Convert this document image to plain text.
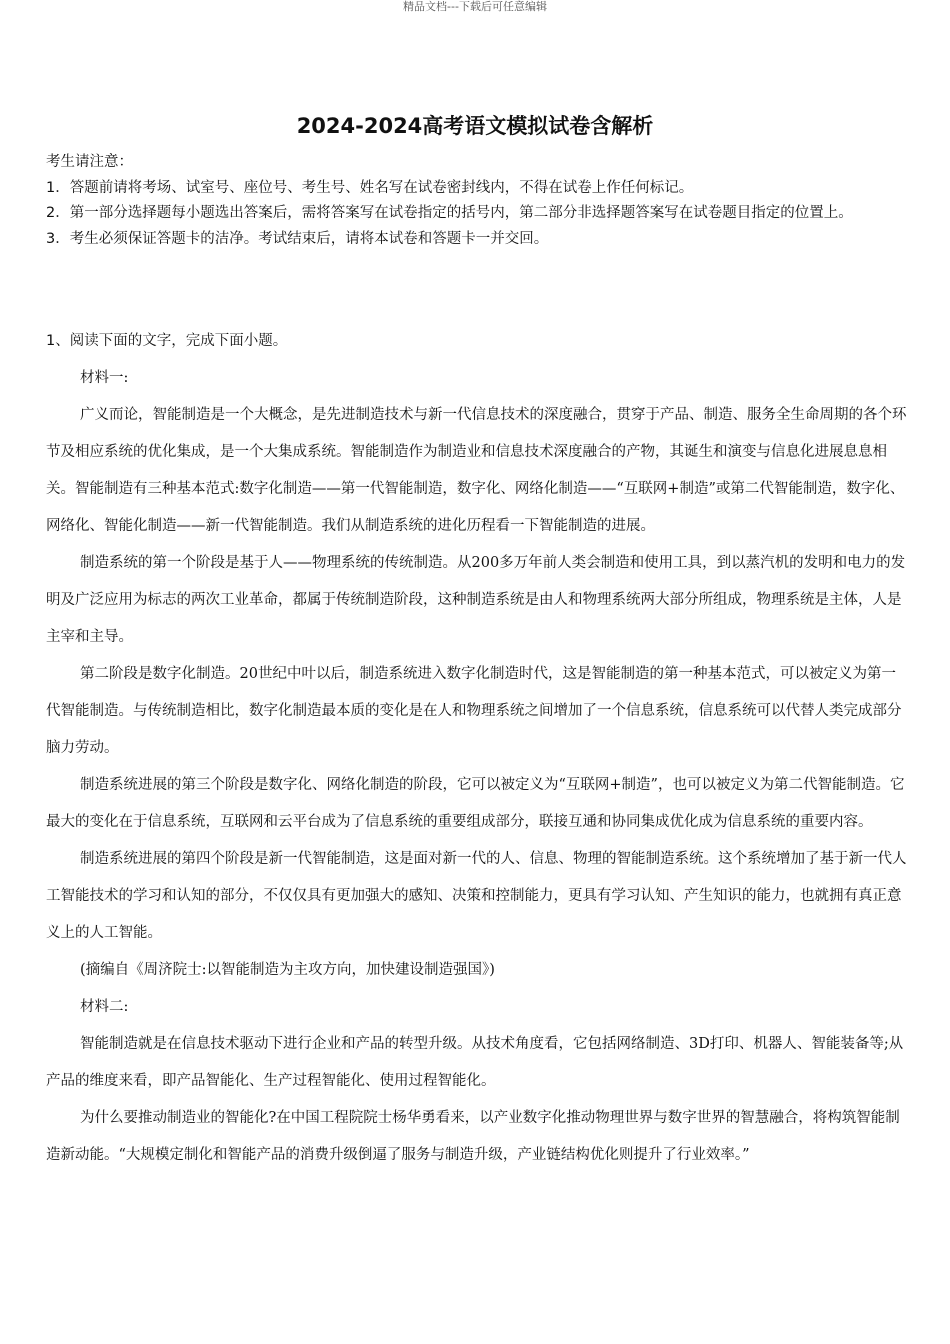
精品文档---下载后可任意编辑
2024-2024高考语文模拟试卷含解析

考生请注意：

1．答题前请将考场、试室号、座位号、考生号、姓名写在试卷密封线内，不得在试卷上作任何标记。

2．第一部分选择题每小题选出答案后，需将答案写在试卷指定的括号内，第二部分非选择题答案写在试卷题目指定的位置上。

3．考生必须保证答题卡的洁净。考试结束后，请将本试卷和答题卡一并交回。

1、阅读下面的文字，完成下面小题。

材料一:

广义而论，智能制造是一个大概念，是先进制造技术与新一代信息技术的深度融合，贯穿于产品、制造、服务全生命周期的各个环节及相应系统的优化集成，是一个大集成系统。智能制造作为制造业和信息技术深度融合的产物，其诞生和演变与信息化进展息息相关。智能制造有三种基本范式:数字化制造——第一代智能制造，数字化、网络化制造——“互联网+制造”或第二代智能制造，数字化、网络化、智能化制造——新一代智能制造。我们从制造系统的进化历程看一下智能制造的进展。

制造系统的第一个阶段是基于人——物理系统的传统制造。从200多万年前人类会制造和使用工具，到以蒸汽机的发明和电力的发明及广泛应用为标志的两次工业革命，都属于传统制造阶段，这种制造系统是由人和物理系统两大部分所组成，物理系统是主体，人是主宰和主导。

第二阶段是数字化制造。20世纪中叶以后，制造系统进入数字化制造时代，这是智能制造的第一种基本范式，可以被定义为第一代智能制造。与传统制造相比，数字化制造最本质的变化是在人和物理系统之间增加了一个信息系统，信息系统可以代替人类完成部分脑力劳动。

制造系统进展的第三个阶段是数字化、网络化制造的阶段，它可以被定义为“互联网+制造”，也可以被定义为第二代智能制造。它最大的变化在于信息系统，互联网和云平台成为了信息系统的重要组成部分，联接互通和协同集成优化成为信息系统的重要内容。

制造系统进展的第四个阶段是新一代智能制造，这是面对新一代的人、信息、物理的智能制造系统。这个系统增加了基于新一代人工智能技术的学习和认知的部分，不仅仅具有更加强大的感知、决策和控制能力，更具有学习认知、产生知识的能力，也就拥有真正意义上的人工智能。

(摘编自《周济院士:以智能制造为主攻方向，加快建设制造强国》)

材料二:

智能制造就是在信息技术驱动下进行企业和产品的转型升级。从技术角度看，它包括网络制造、3D打印、机器人、智能装备等;从产品的维度来看，即产品智能化、生产过程智能化、使用过程智能化。

为什么要推动制造业的智能化?在中国工程院院士杨华勇看来，以产业数字化推动物理世界与数字世界的智慧融合，将构筑智能制造新动能。“大规模定制化和智能产品的消费升级倒逼了服务与制造升级，产业链结构优化则提升了行业效率。”
